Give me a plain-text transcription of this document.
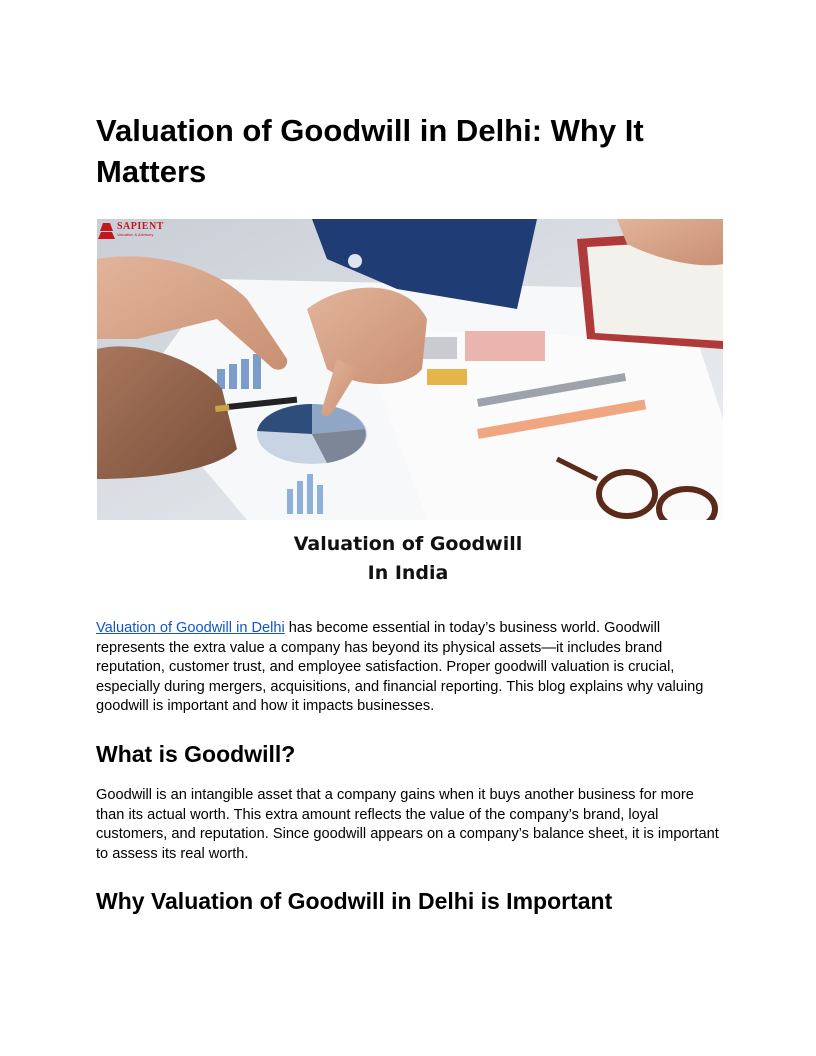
Valuation of Goodwill in Delhi: Why It Matters
SAPIENT
Valuation & Advisory
Valuation of Goodwill
In India

Valuation of Goodwill in Delhi has become essential in today’s business world. Goodwill represents the extra value a company has beyond its physical assets—it includes brand reputation, customer trust, and employee satisfaction. Proper goodwill valuation is crucial, especially during mergers, acquisitions, and financial reporting. This blog explains why valuing goodwill is important and how it impacts businesses.

What is Goodwill?

Goodwill is an intangible asset that a company gains when it buys another business for more than its actual worth. This extra amount reflects the value of the company’s brand, loyal customers, and reputation. Since goodwill appears on a company’s balance sheet, it is important to assess its real worth.

Why Valuation of Goodwill in Delhi is Important
